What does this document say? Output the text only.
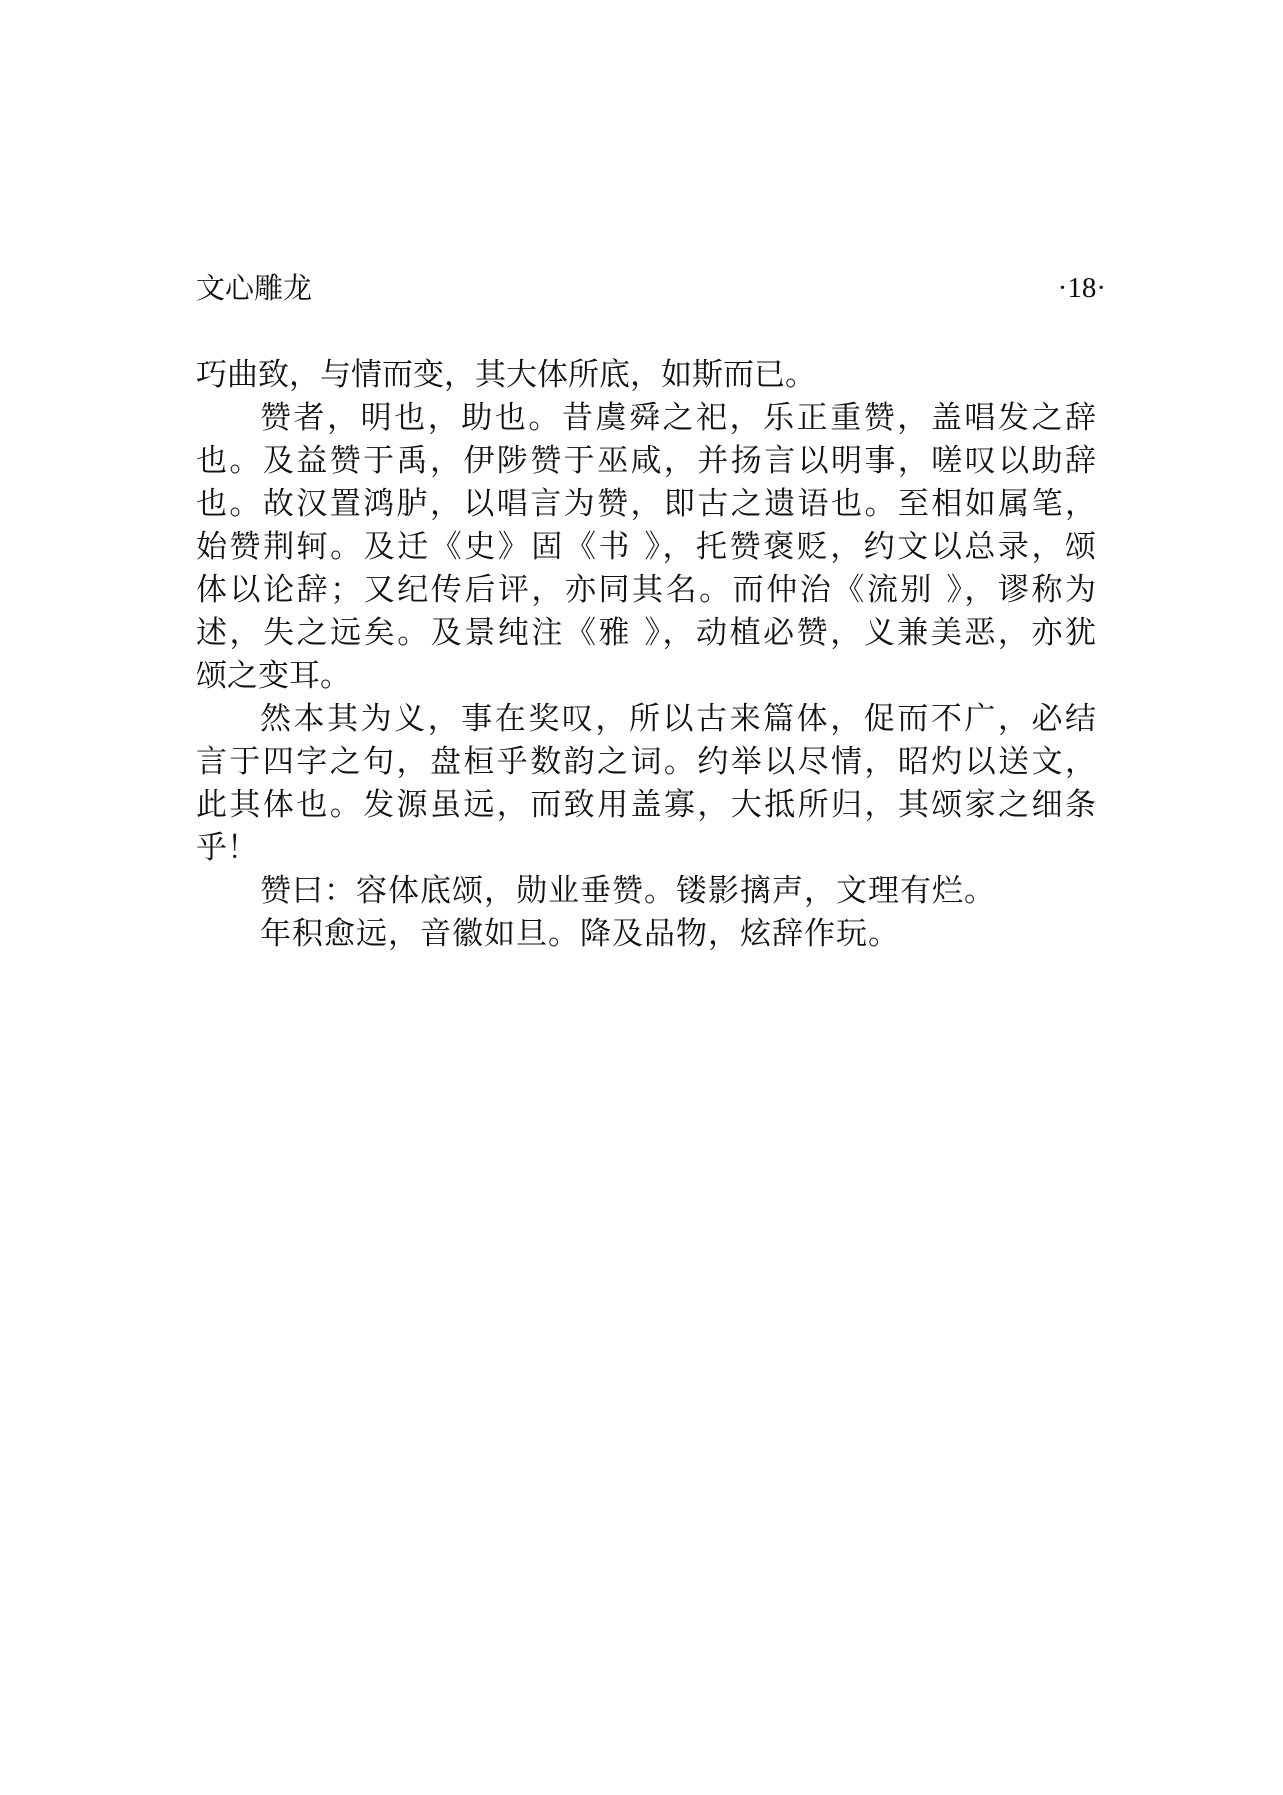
文心雕龙	·18·
巧曲致，与情而变，其大体所底，如斯而已。
赞者，明也，助也。昔虞舜之祀，乐正重赞，盖唱发之辞
也。及益赞于禹，伊陟赞于巫咸，并扬言以明事，嗟叹以助辞
也。故汉置鸿胪，以唱言为赞，即古之遗语也。至相如属笔，
始赞荆轲。及迁《史》固《书 》，托赞褒贬，约文以总录，颂
体以论辞；又纪传后评，亦同其名。而仲治《流别 》，谬称为
述，失之远矣。及景纯注《雅 》，动植必赞，义兼美恶，亦犹
颂之变耳。
然本其为义，事在奖叹，所以古来篇体，促而不广，必结
言于四字之句，盘桓乎数韵之词。约举以尽情，昭灼以送文，
此其体也。发源虽远，而致用盖寡，大抵所归，其颂家之细条
乎！
赞曰：容体底颂，勋业垂赞。镂影摛声，文理有烂。
年积愈远，音徽如旦。降及品物，炫辞作玩。
